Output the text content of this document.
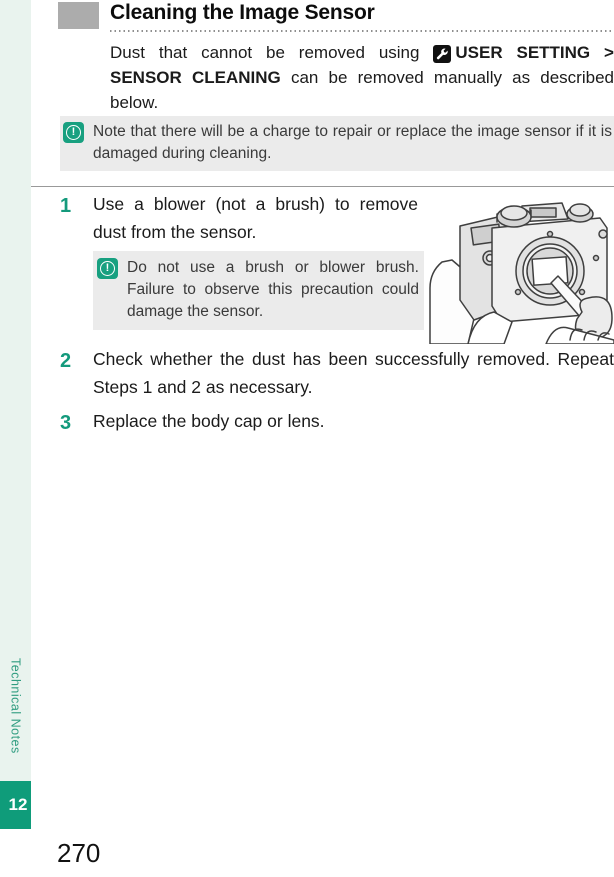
Technical Notes
12
Cleaning the Image Sensor

Dust that cannot be removed using USER SETTING > SENSOR CLEANING can be removed manually as described below.

!	Note that there will be a charge to repair or replace the image sensor if it is damaged during cleaning.
1 Use a blower (not a brush) to remove dust from the sensor.
!	Do not use a brush or blower brush. Failure to observe this precaution could damage the sensor.
2 Check whether the dust has been successfully removed. Repeat Steps 1 and 2 as necessary.
3 Replace the body cap or lens.
270
